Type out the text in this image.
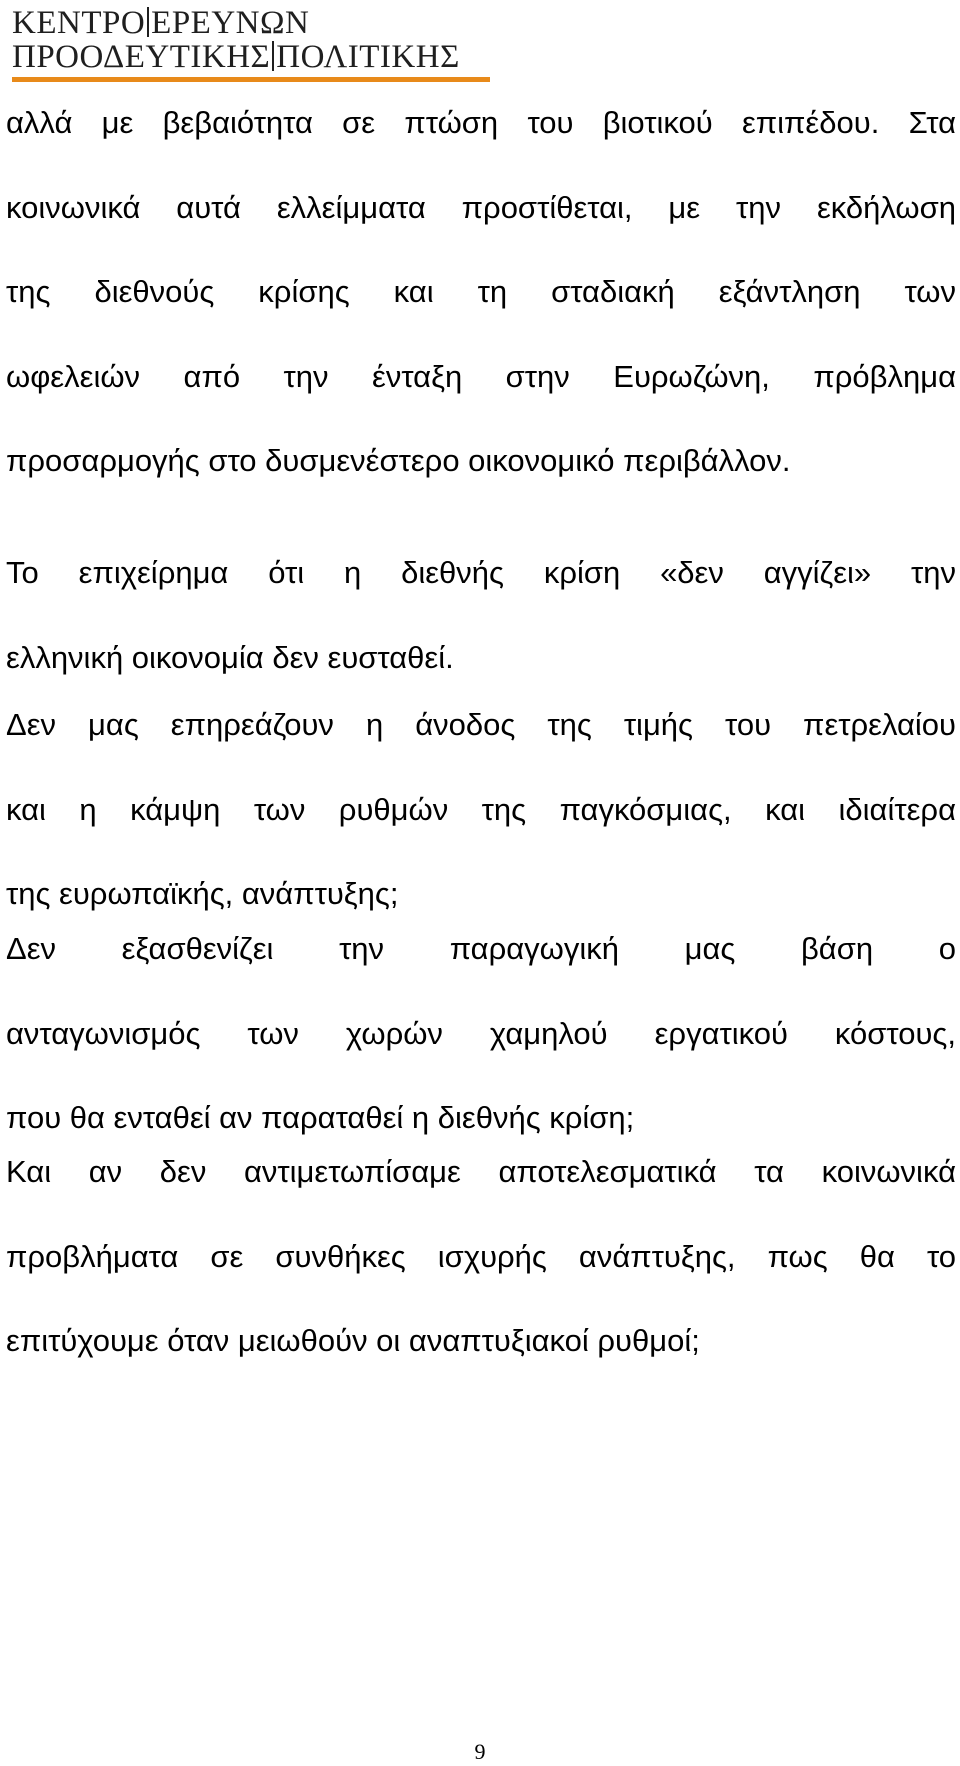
ΚΕΝΤΡΟ ΕΡΕΥΝΩΝ
ΠΡΟΟΔΕΥΤΙΚΗΣ ΠΟΛΙΤΙΚΗΣ
αλλά με βεβαιότητα σε πτώση του βιοτικού επιπέδου. Στα
κοινωνικά αυτά ελλείμματα προστίθεται, με την εκδήλωση
της διεθνούς κρίσης και τη σταδιακή εξάντληση των
ωφελειών από την ένταξη στην Ευρωζώνη, πρόβλημα
προσαρμογής στο δυσμενέστερο οικονομικό περιβάλλον.
Το επιχείρημα ότι η διεθνής κρίση «δεν αγγίζει» την
ελληνική οικονομία δεν ευσταθεί.
Δεν μας επηρεάζουν η άνοδος της τιμής του πετρελαίου
και η κάμψη των ρυθμών της παγκόσμιας, και ιδιαίτερα
της ευρωπαϊκής, ανάπτυξης;
Δεν εξασθενίζει την παραγωγική μας βάση ο
ανταγωνισμός των χωρών χαμηλού εργατικού κόστους,
που θα ενταθεί αν παραταθεί η διεθνής κρίση;
Και αν δεν αντιμετωπίσαμε αποτελεσματικά τα κοινωνικά
προβλήματα σε συνθήκες ισχυρής ανάπτυξης, πως θα το
επιτύχουμε όταν μειωθούν οι αναπτυξιακοί ρυθμοί;
9
